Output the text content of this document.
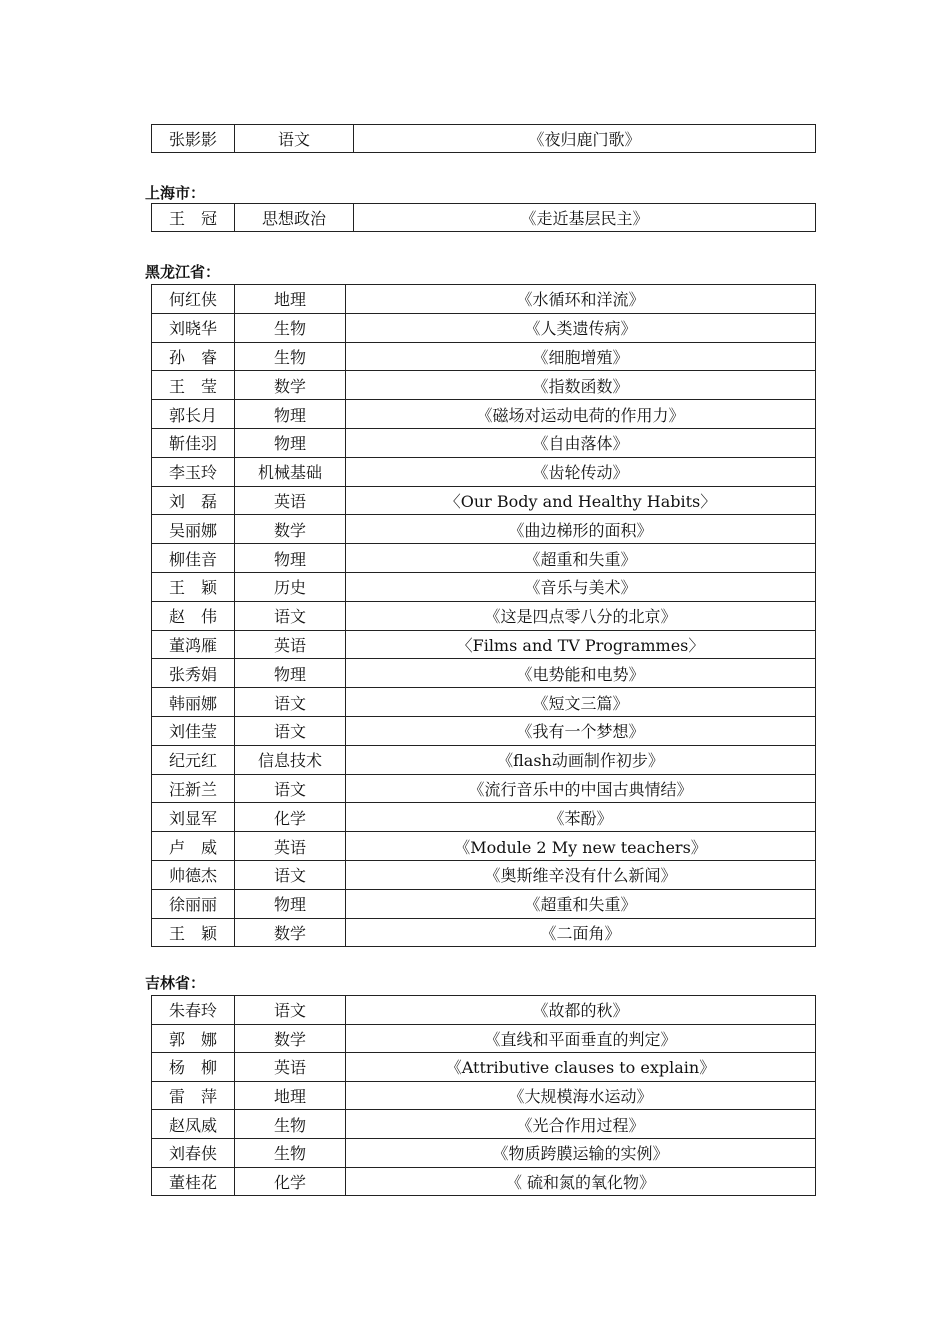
张影影	语文	《夜归鹿门歌》
上海市：
王　冠	思想政治	《走近基层民主》
黑龙江省：
何红侠	地理	《水循环和洋流》
刘晓华	生物	《人类遗传病》
孙　睿	生物	《细胞增殖》
王　莹	数学	《指数函数》
郭长月	物理	《磁场对运动电荷的作用力》
靳佳羽	物理	《自由落体》
李玉玲	机械基础	《齿轮传动》
刘　磊	英语	〈Our Body and Healthy Habits〉
吴丽娜	数学	《曲边梯形的面积》
柳佳音	物理	《超重和失重》
王　颖	历史	《音乐与美术》
赵　伟	语文	《这是四点零八分的北京》
董鸿雁	英语	〈Films and TV Programmes〉
张秀娟	物理	《电势能和电势》
韩丽娜	语文	《短文三篇》
刘佳莹	语文	《我有一个梦想》
纪元红	信息技术	《flash动画制作初步》
汪新兰	语文	《流行音乐中的中国古典情结》
刘显军	化学	《苯酚》
卢　威	英语	《Module 2 My new teachers》
帅德杰	语文	《奥斯维辛没有什么新闻》
徐丽丽	物理	《超重和失重》
王　颖	数学	《二面角》
吉林省：
朱春玲	语文	《故都的秋》
郭　娜	数学	《直线和平面垂直的判定》
杨　柳	英语	《Attributive clauses to explain》
雷　萍	地理	《大规模海水运动》
赵凤威	生物	《光合作用过程》
刘春侠	生物	《物质跨膜运输的实例》
董桂花	化学	《 硫和氮的氧化物》
